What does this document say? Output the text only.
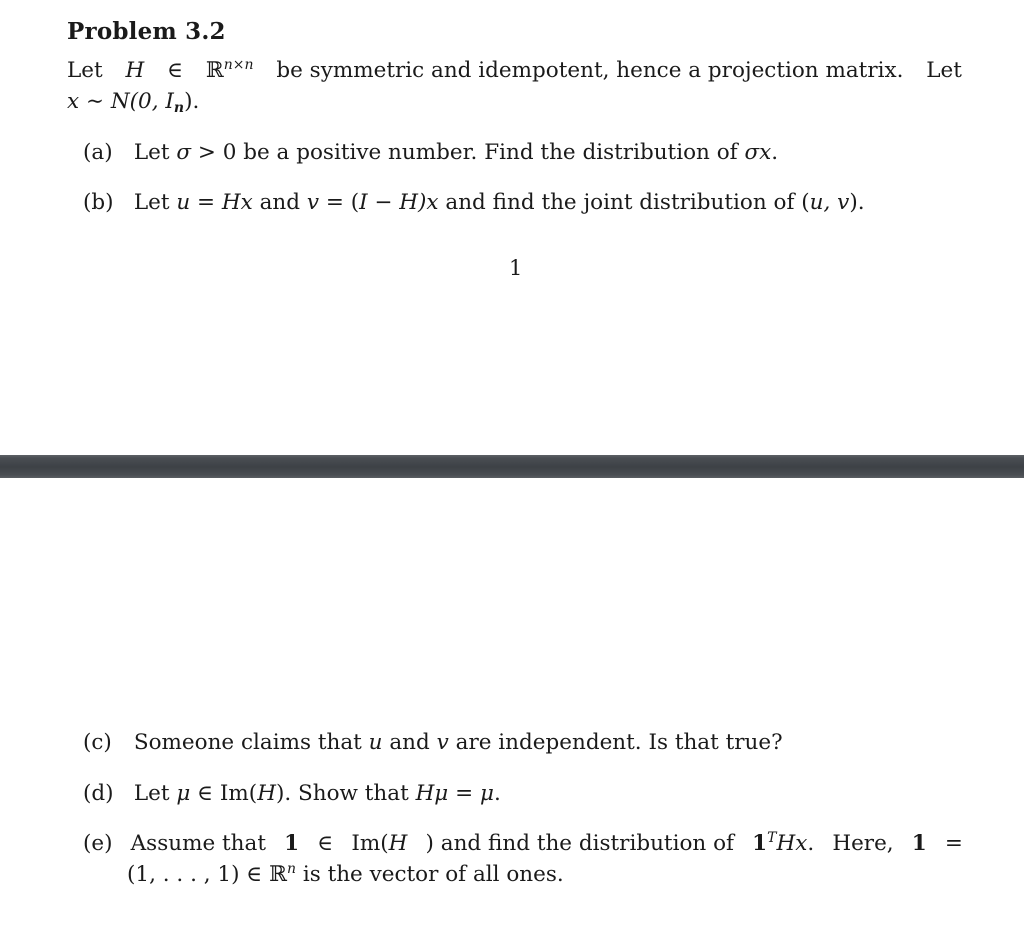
Problem 3.2
Let H ∈ ℝ$^{n\times n}$ be symmetric and idempotent, hence a projection matrix. Let
x ∼ N(0, $I_n$).
(a) Let σ > 0 be a positive number. Find the distribution of σx.
(b) Let u = Hx and v = (I − H)x and find the joint distribution of (u, v).
1
(c) Someone claims that u and v are independent. Is that true?
(d) Let μ ∈ Im(H). Show that Hμ = μ.
(e) Assume that 1 ∈ Im(H ) and find the distribution of $1^THx$. Here, 1 =
(1, . . . , 1) ∈ ℝ$^n$ is the vector of all ones.
